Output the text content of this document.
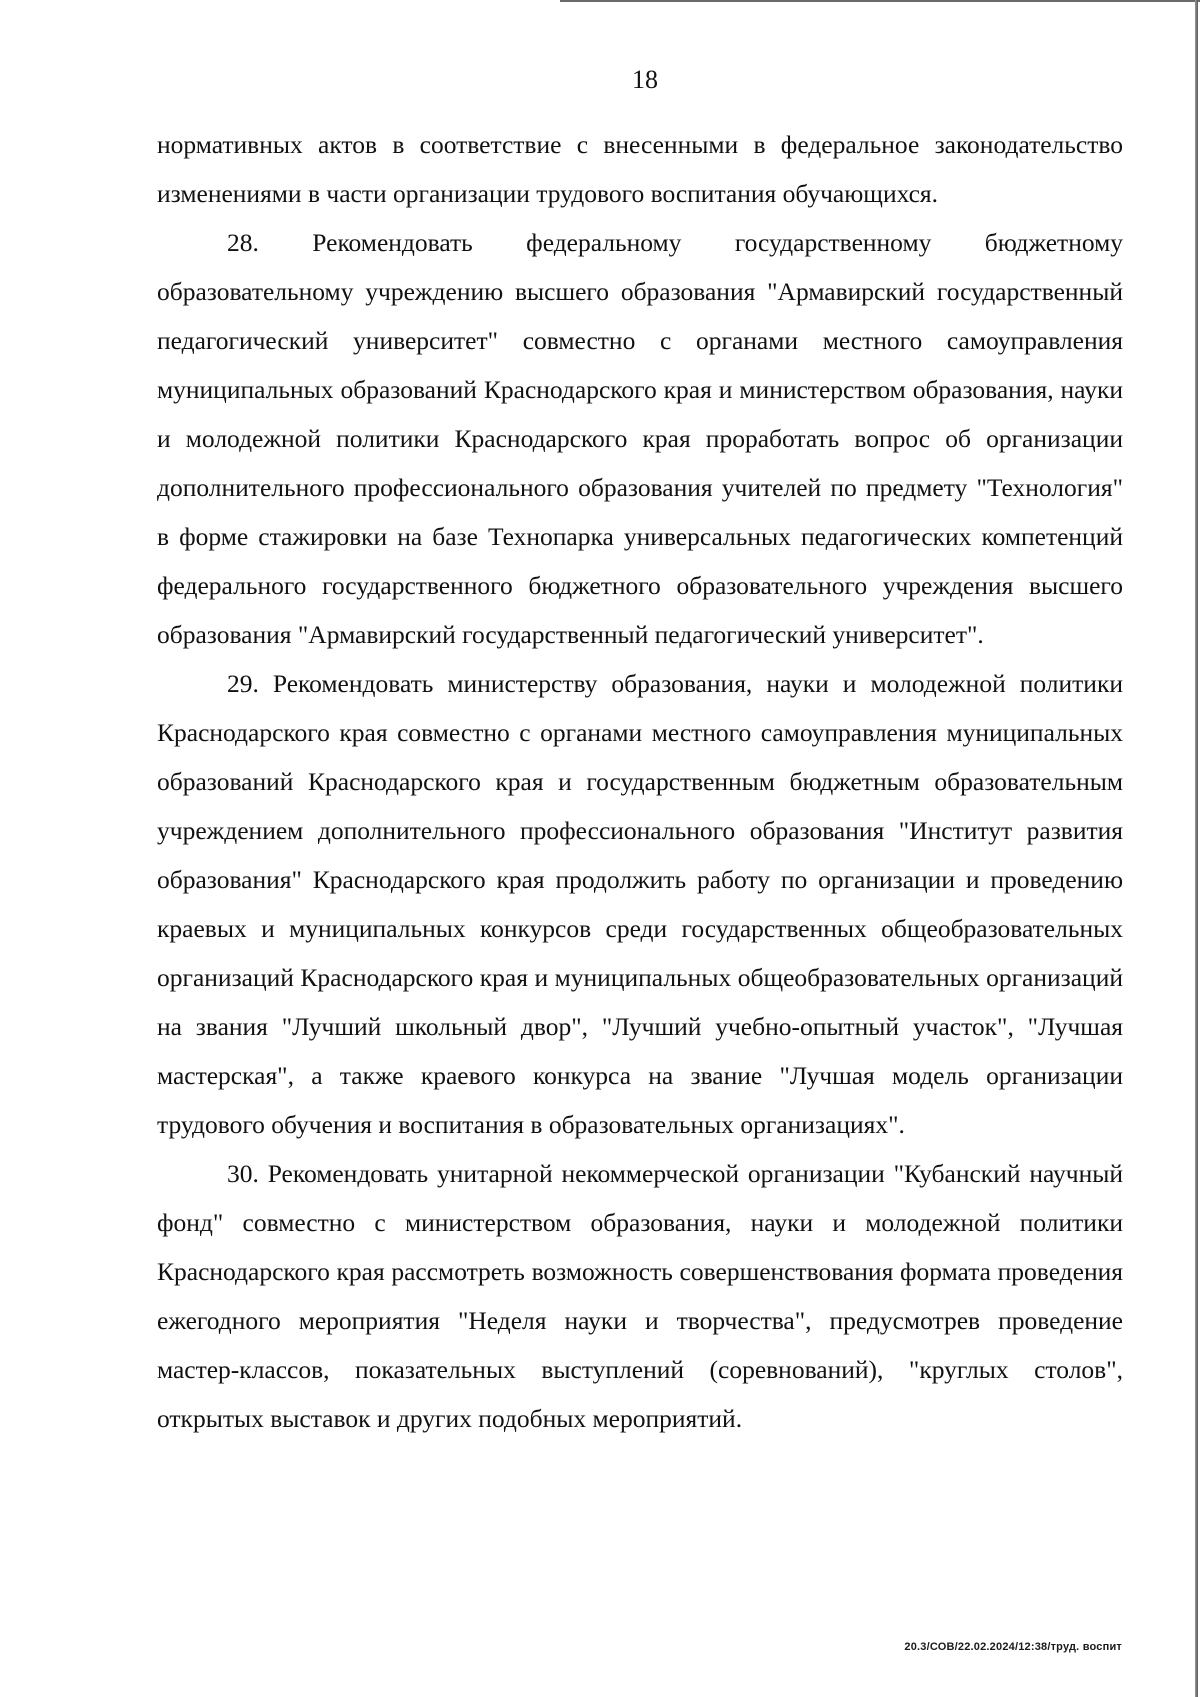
18

нормативных актов в соответствие с внесенными в федеральное законодательство изменениями в части организации трудового воспитания обучающихся.

28. Рекомендовать федеральному государственному бюджетному образовательному учреждению высшего образования "Армавирский государственный педагогический университет" совместно с органами местного самоуправления муниципальных образований Краснодарского края и министерством образования, науки и молодежной политики Краснодарского края проработать вопрос об организации дополнительного профессионального образования учителей по предмету "Технология" в форме стажировки на базе Технопарка универсальных педагогических компетенций федерального государственного бюджетного образовательного учреждения высшего образования "Армавирский государственный педагогический университет".

29. Рекомендовать министерству образования, науки и молодежной политики Краснодарского края совместно с органами местного самоуправления муниципальных образований Краснодарского края и государственным бюджетным образовательным учреждением дополнительного профессионального образования "Институт развития образования" Краснодарского края продолжить работу по организации и проведению краевых и муниципальных конкурсов среди государственных общеобразовательных организаций Краснодарского края и муниципальных общеобразовательных организаций на звания "Лучший школьный двор", "Лучший учебно-опытный участок", "Лучшая мастерская", а также краевого конкурса на звание "Лучшая модель организации трудового обучения и воспитания в образовательных организациях".

30. Рекомендовать унитарной некоммерческой организации "Кубанский научный фонд" совместно с министерством образования, науки и молодежной политики Краснодарского края рассмотреть возможность совершенствования формата проведения ежегодного мероприятия "Неделя науки и творчества", предусмотрев проведение мастер-классов, показательных выступлений (соревнований), "круглых столов", открытых выставок и других подобных мероприятий.

20.3/СОВ/22.02.2024/12:38/труд. воспит
